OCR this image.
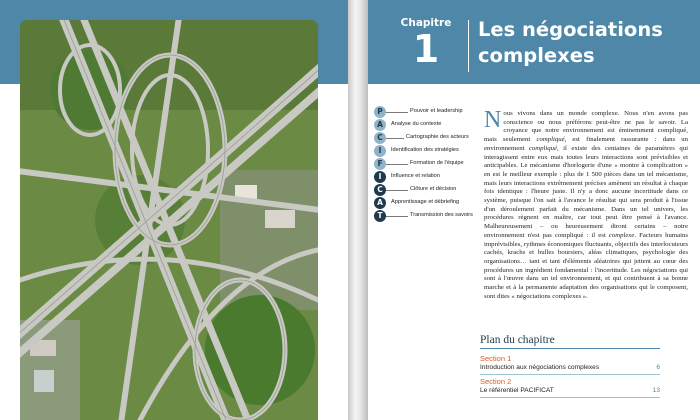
Chapitre
1	Les négociations
complexes
P	Pouvoir et leadership
A	Analyse du contexte
C	Cartographie des acteurs
I	Identification des stratégies
F	Formation de l'équipe
I	Influence et relation
C	Clôture et décision
A	Apprentissage et débriefing
T	Transmission des savoirs
Nous vivons dans un monde complexe. Nous n'en avons pas conscience ou nous préférons peut-être ne pas le savoir. La croyance que notre environnement est éminemment compliqué, mais seulement compliqué, est finalement rassurante : dans un environnement compliqué, il existe des centaines de paramètres qui interagissent entre eux mais toutes leurs interactions sont prévisibles et anticipables. Le mécanisme d'horlogerie d'une « montre à complication » en est le meilleur exemple : plus de 1 500 pièces dans un tel mécanisme, mais leurs interactions extrêmement précises amènent un résultat à chaque fois identique : l'heure juste. Il n'y a donc aucune incertitude dans ce système, puisque l'on sait à l'avance le résultat qui sera produit à l'issue d'un déroulement parfait du mécanisme. Dans un tel univers, les procédures règnent en maître, car tout peut être pensé à l'avance. Malheureusement – ou heureusement diront certains – notre environnement n'est pas compliqué : il est complexe. Facteurs humains imprévisibles, rythmes économiques fluctuants, objectifs des interlocuteurs cachés, krachs et bulles boursiers, aléas climatiques, psychologie des organisations… tant et tant d'éléments aléatoires qui jettent au cœur des procédures un ingrédient fondamental : l'incertitude. Les négociations qui sont à l'œuvre dans un tel environnement, et qui contribuent à sa bonne marche et à la permanente adaptation des organisations qui le composent, sont dites « négociations complexes ».
Plan du chapitre
Section 1
Introduction aux négociations complexes	6
Section 2
Le référentiel PACIFICAT	13
